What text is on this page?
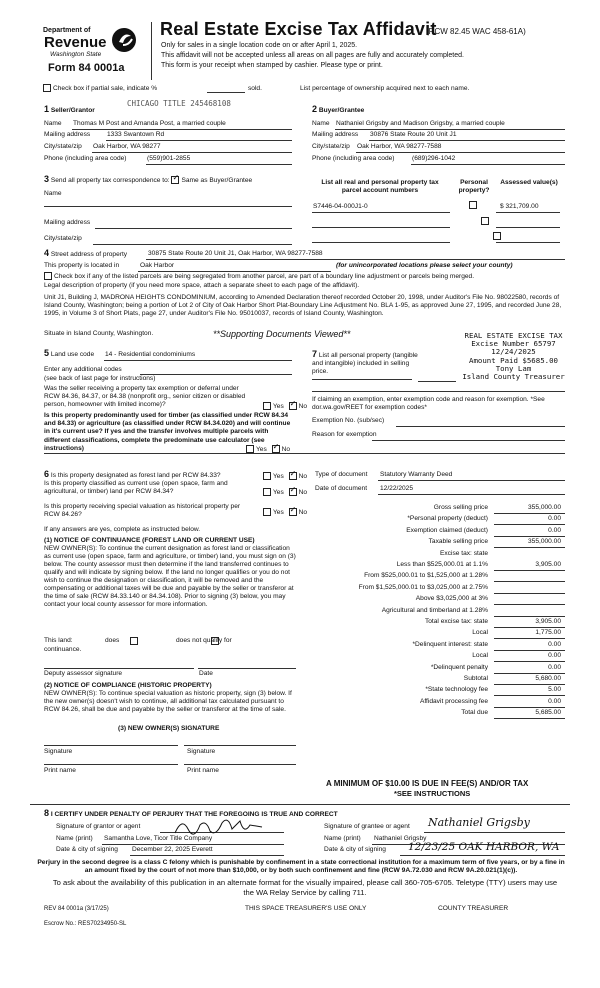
Department of
Revenue
Washington State
Form 84 0001a
Real Estate Excise Tax Affidavit
(RCW 82.45 WAC 458-61A)
Only for sales in a single location code on or after April 1, 2025.
This affidavit will not be accepted unless all areas on all pages are fully and accurately completed.
This form is your receipt when stamped by cashier. Please type or print.
Check box if partial sale, indicate %	sold.	List percentage of ownership acquired next to each name.
CHICAGO TITLE 245468108
1 Seller/Grantor
Name Thomas M Post and Amanda Post, a married couple
Mailing address	1333 Swantown Rd
City/state/zip Oak Harbor, WA 98277
Phone (including area code)	(559)901-2855
2 Buyer/Grantee
Name Nathaniel Grigsby and Madison Grigsby, a married couple
Mailing address 30876 State Route 20 Unit J1
City/state/zip Oak Harbor, WA 98277-7588
Phone (including area code)	(689)296-1042
3 Send all property tax correspondence to: ✓ Same as Buyer/Grantee
Name
Mailing address
City/state/zip
List all real and personal property tax parcel account numbers
Personal property?
Assessed value(s)
S7446-04-000J1-0
	$ 321,709.00

4 Street address of property	30875 State Route 20 Unit J1, Oak Harbor, WA 98277-7588
This property is located in	Oak Harbor	(for unincorporated locations please select your county)
Check box if any of the listed parcels are being segregated from another parcel, are part of a boundary line adjustment or parcels being merged.
Legal description of property (if you need more space, attach a separate sheet to each page of the affidavit).
Unit J1, Building J, MADRONA HEIGHTS CONDOMINIUM, according to Amended Declaration thereof recorded October 20, 1998, under Auditor's File No. 98022580, records of Island County, Washington; being a portion of Lot 2 of City of Oak Harbor Short Plat-Boundary Line Adjustment No. BLA 1-95, as approved June 27, 1995, and recorded June 28, 1995, in Volume 3 of Short Plats, page 27, under Auditor's File No. 95010037, records of Island County, Washington.
Situate in Island County, Washington.	**Supporting Documents Viewed**	REAL ESTATE EXCISE TAX
Excise Number 65797
12/24/2025
Amount Paid $5685.00
Tony Lam
Island County Treasurer
5 Land use code 14 - Residential condominiums
Enter any additional codes
(see back of last page for instructions)
Was the seller receiving a property tax exemption or deferral under RCW 84.36, 84.37, or 84.38 (nonprofit org., senior citizen or disabled person, homeowner with limited income)?	Yes ✓ No
Is this property predominantly used for timber (as classified under RCW 84.34 and 84.33) or agriculture (as classified under RCW 84.34.020) and will continue in it's current use? If yes and the transfer involves multiple parcels with different classifications, complete the predominate use calculator (see instructions)	Yes ✓ No
7 List all personal property (tangible and intangible) included in selling price.
If claiming an exemption, enter exemption code and reason for exemption. *See dor.wa.gov/REET for exemption codes*
Exemption No. (sub/sec)
Reason for exemption
6 Is this property designated as forest land per RCW 84.33?	Yes ✓ No
Is this property classified as current use (open space, farm and agricultural, or timber) land per RCW 84.34?	Yes ✓ No
Is this property receiving special valuation as historical property per RCW 84.26?	Yes ✓ No
If any answers are yes, complete as instructed below.
(1) NOTICE OF CONTINUANCE (FOREST LAND OR CURRENT USE)
NEW OWNER(S): To continue the current designation as forest land or classification as current use (open space, farm and agriculture, or timber) land, you must sign on (3) below. The county assessor must then determine if the land transferred continues to qualify and will indicate by signing below. If the land no longer qualifies or you do not wish to continue the designation or classification, it will be removed and the compensating or additional taxes will be due and payable by the seller or transferor at the time of sale (RCW 84.33.140 or 84.34.108). Prior to signing (3) below, you may contact your local county assessor for more information.
This land:
	does	does not qualify for
continuance.
Deputy assessor signature	Date
(2) NOTICE OF COMPLIANCE (HISTORIC PROPERTY)
NEW OWNER(S): To continue special valuation as historic property, sign (3) below. If the new owner(s) doesn't wish to continue, all additional tax calculated pursuant to RCW 84.26, shall be due and payable by the seller or transferor at the time of sale.
(3) NEW OWNER(S) SIGNATURE
Signature	Signature
Print name	Print name
Type of document Statutory Warranty Deed
Date of document 12/22/2025
Gross selling price	355,000.00
*Personal property (deduct)	0.00
Exemption claimed (deduct)	0.00
Taxable selling price	355,000.00
Excise tax: state
Less than $525,000.01 at 1.1%	3,905.00
From $525,000.01 to $1,525,000 at 1.28%
From $1,525,000.01 to $3,025,000 at 2.75%
Above $3,025,000 at 3%
Agricultural and timberland at 1.28%
Total excise tax: state	3,905.00
Local	1,775.00
*Delinquent interest: state	0.00
Local	0.00
*Delinquent penalty	0.00
Subtotal	5,680.00
*State technology fee	5.00
Affidavit processing fee	0.00
Total due	5,685.00
A MINIMUM OF $10.00 IS DUE IN FEE(S) AND/OR TAX
*SEE INSTRUCTIONS
8 I CERTIFY UNDER PENALTY OF PERJURY THAT THE FOREGOING IS TRUE AND CORRECT
Signature of grantor or agent
Name (print) Samantha Love, Ticor Title Company
Date & city of signing December 22, 2025 Everett
Signature of grantee or agent Nathaniel Grigsby
Name (print) Nathaniel Grigsby
Date & city of signing 12/23/25 OAK HARBOR, WA
Perjury in the second degree is a class C felony which is punishable by confinement in a state correctional institution for a maximum term of five years, or by a fine in an amount fixed by the court of not more than $10,000, or by both such confinement and fine (RCW 9A.72.030 and RCW 9A.20.021(1)(c)).
To ask about the availability of this publication in an alternate format for the visually impaired, please call 360-705-6705. Teletype (TTY) users may use the WA Relay Service by calling 711.
REV 84 0001a (3/17/25)	THIS SPACE TREASURER'S USE ONLY	COUNTY TREASURER
Escrow No.: RES70234950-SL
